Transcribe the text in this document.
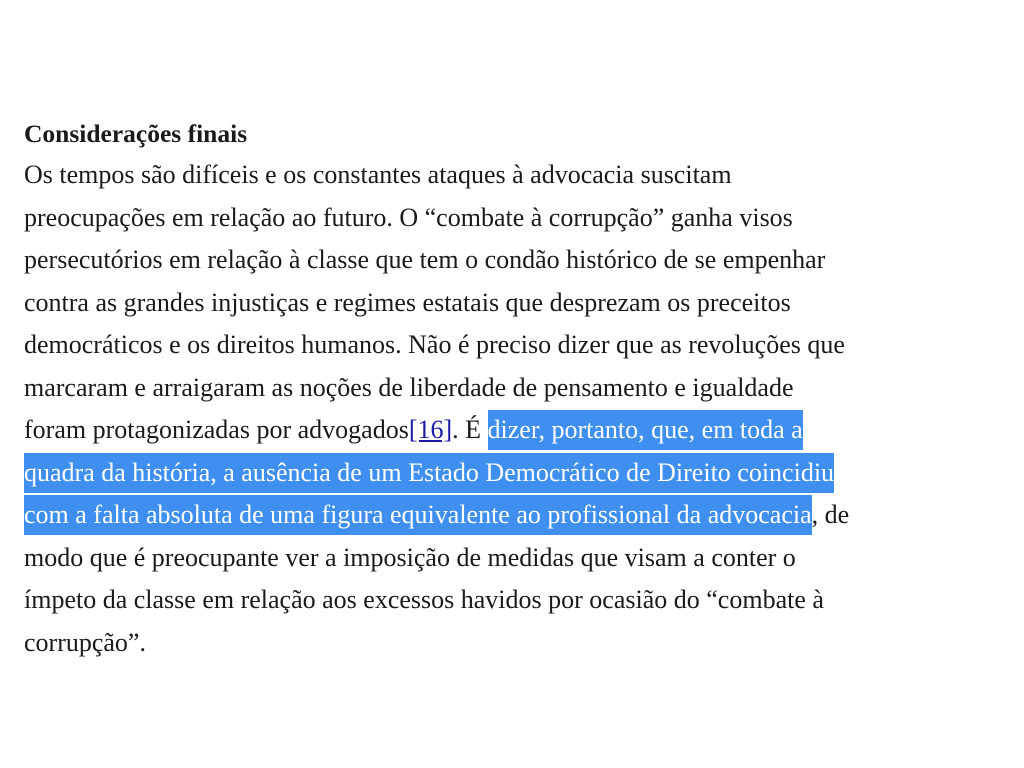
Considerações finais

Os tempos são difíceis e os constantes ataques à advocacia suscitam
preocupações em relação ao futuro. O “combate à corrupção” ganha visos
persecutórios em relação à classe que tem o condão histórico de se empenhar
contra as grandes injustiças e regimes estatais que desprezam os preceitos
democráticos e os direitos humanos. Não é preciso dizer que as revoluções que
marcaram e arraigaram as noções de liberdade de pensamento e igualdade
foram protagonizadas por advogados[16]. É dizer, portanto, que, em toda a
quadra da história, a ausência de um Estado Democrático de Direito coincidiu
com a falta absoluta de uma figura equivalente ao profissional da advocacia, de
modo que é preocupante ver a imposição de medidas que visam a conter o
ímpeto da classe em relação aos excessos havidos por ocasião do “combate à
corrupção”.
